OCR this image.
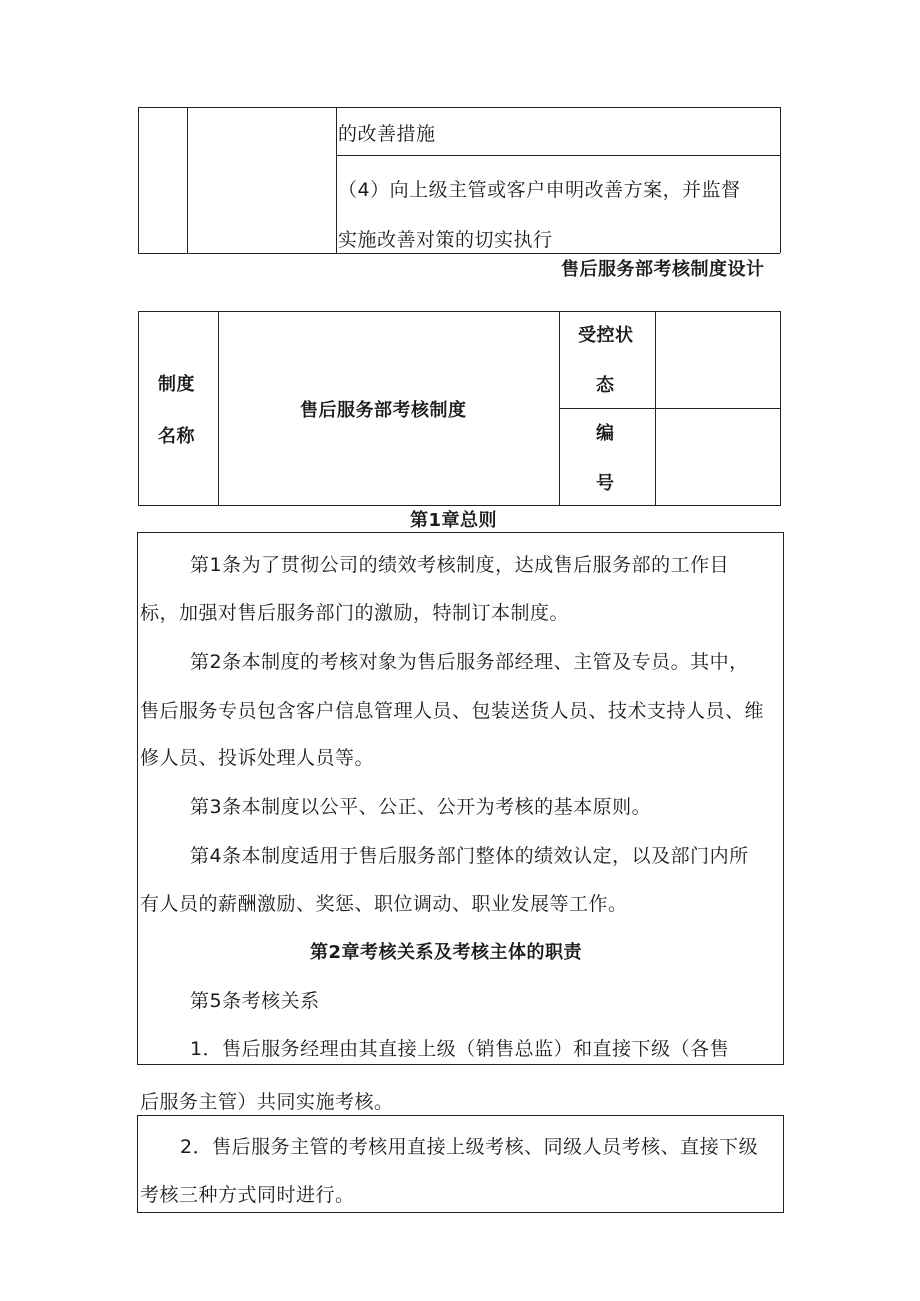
的改善措施
（4）向上级主管或客户申明改善方案，并监督
实施改善对策的切实执行
售后服务部考核制度设计
制度
名称
售后服务部考核制度
受控状
态
编
号
第1章总则
第1条为了贯彻公司的绩效考核制度，达成售后服务部的工作目
标，加强对售后服务部门的激励，特制订本制度。
第2条本制度的考核对象为售后服务部经理、主管及专员。其中，
售后服务专员包含客户信息管理人员、包装送货人员、技术支持人员、维
修人员、投诉处理人员等。
第3条本制度以公平、公正、公开为考核的基本原则。
第4条本制度适用于售后服务部门整体的绩效认定，以及部门内所
有人员的薪酬激励、奖惩、职位调动、职业发展等工作。
第2章考核关系及考核主体的职责
第5条考核关系
1．售后服务经理由其直接上级（销售总监）和直接下级（各售
后服务主管）共同实施考核。
2．售后服务主管的考核用直接上级考核、同级人员考核、直接下级
考核三种方式同时进行。
